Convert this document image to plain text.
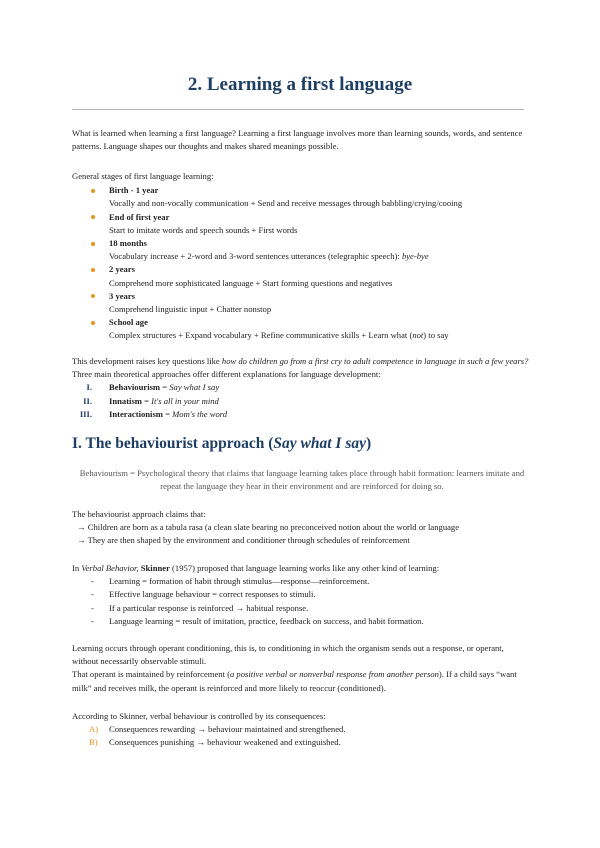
2. Learning a first language

What is learned when learning a first language? Learning a first language involves more than learning sounds, words, and sentence patterns. Language shapes our thoughts and makes shared meanings possible.

General stages of first language learning:

Birth - 1 year
Vocally and non-vocally communication + Send and receive messages through babbling/crying/cooing
End of first year
Start to imitate words and speech sounds + First words
18 months
Vocabulary increase + 2-word and 3-word sentences utterances (telegraphic speech): bye-bye
2 years
Comprehend more sophisticated language + Start forming questions and negatives
3 years
Comprehend linguistic input + Chatter nonstop
School age
Complex structures + Expand vocabulary + Refine communicative skills + Learn what (not) to say

This development raises key questions like how do children go from a first cry to adult competence in language in such a few years? Three main theoretical approaches offer different explanations for language development:

I. Behaviourism = Say what I say
II. Innatism = It's all in your mind
III. Interactionism = Mom's the word
I. The behaviourist approach (Say what I say)
Behaviourism = Psychological theory that claims that language learning takes place through habit formation: learners imitate and repeat the language they hear in their environment and are reinforced for doing so.

The behaviourist approach claims that:

→ Children are born as a tabula rasa (a clean slate bearing no preconceived notion about the world or language
→ They are then shaped by the environment and conditioner through schedules of reinforcement

In Verbal Behavior, Skinner (1957) proposed that language learning works like any other kind of learning:

- Learning = formation of habit through stimulus—response—reinforcement.
- Effective language behaviour = correct responses to stimuli.
- If a particular response is reinforced → habitual response.
- Language learning = result of imitation, practice, feedback on success, and habit formation.

Learning occurs through operant conditioning, this is, to conditioning in which the organism sends out a response, or operant, without necessarily observable stimuli.

That operant is maintained by reinforcement (a positive verbal or nonverbal response from another person). If a child says “want milk” and receives milk, the operant is reinforced and more likely to reoccur (conditioned).

According to Skinner, verbal behaviour is controlled by its consequences:

A) Consequences rewarding → behaviour maintained and strengthened.
B) Consequences punishing → behaviour weakened and extinguished.
